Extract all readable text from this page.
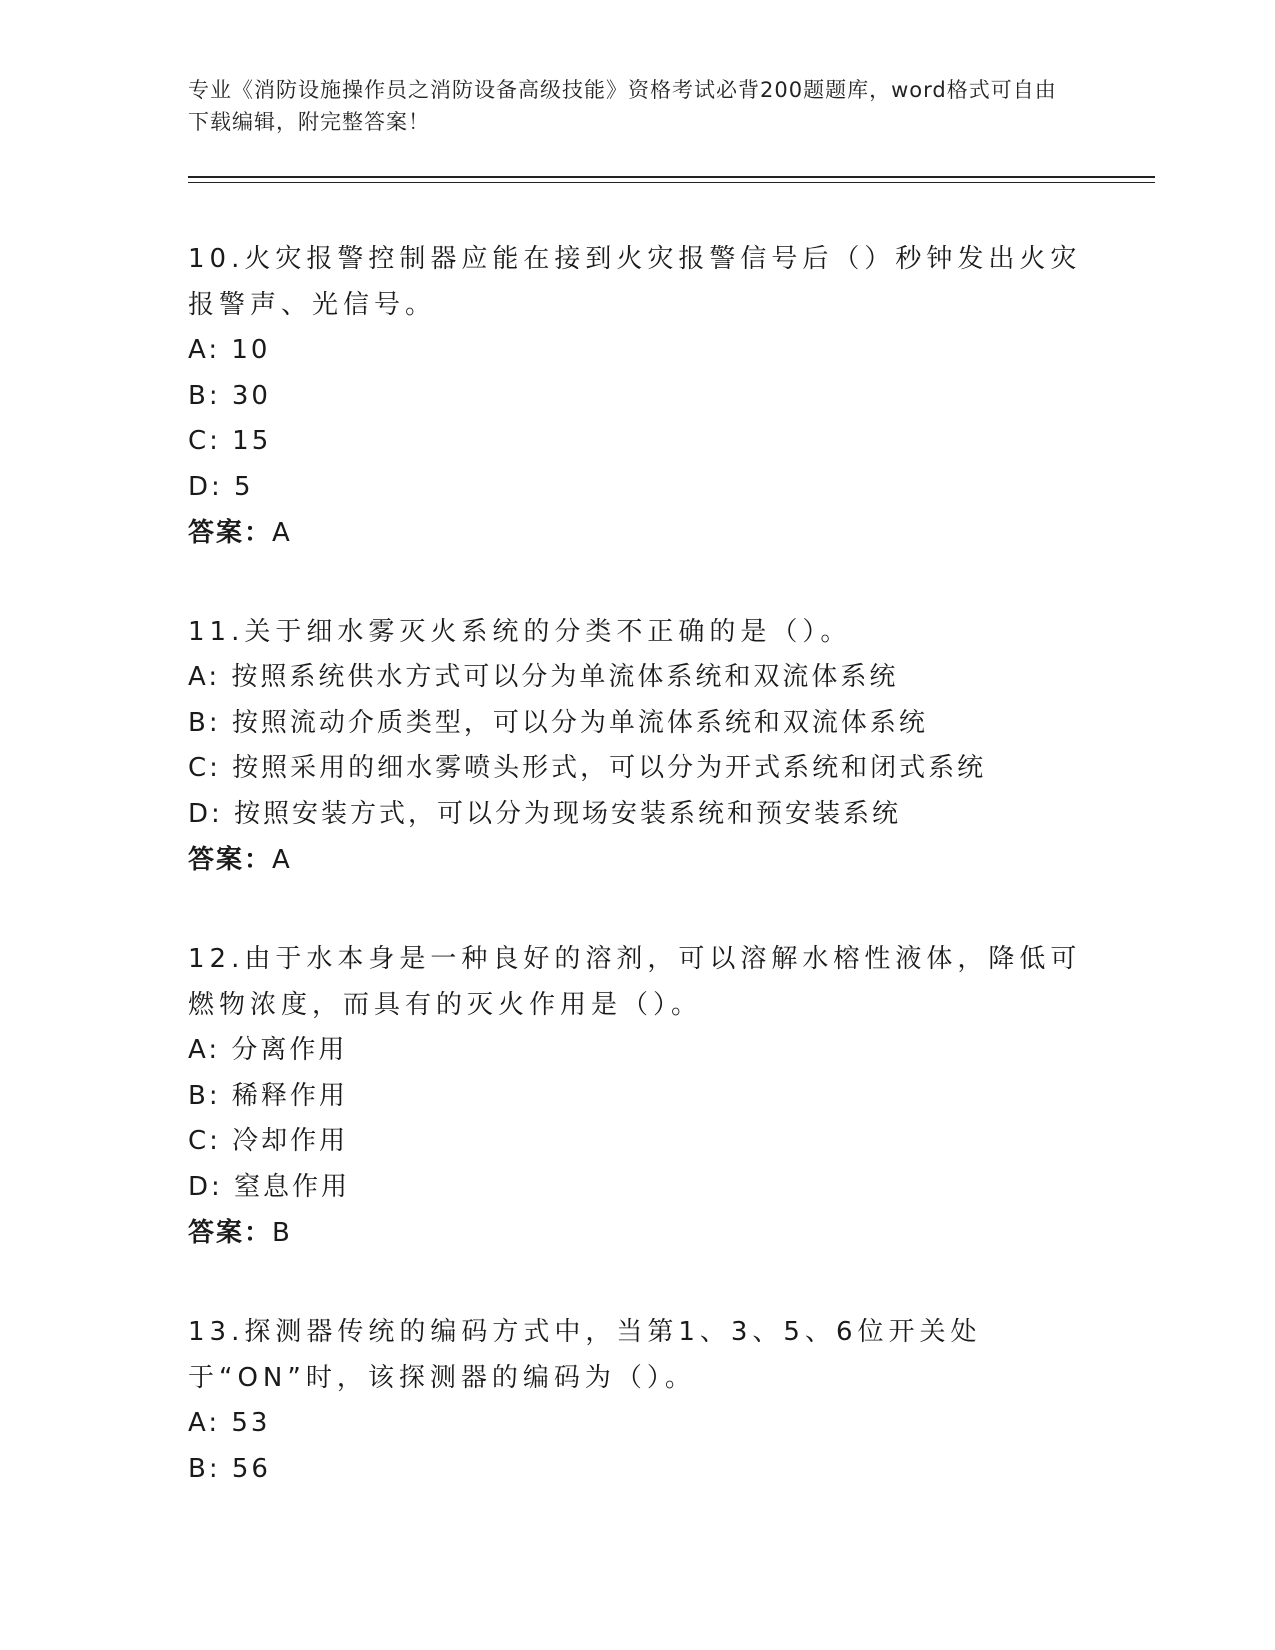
专业《消防设施操作员之消防设备高级技能》资格考试必背200题题库，word格式可自由下载编辑，附完整答案！

10.火灾报警控制器应能在接到火灾报警信号后（）秒钟发出火灾报警声、光信号。

A: 10

B: 30

C: 15

D: 5

答案：A

11.关于细水雾灭火系统的分类不正确的是（）。

A: 按照系统供水方式可以分为单流体系统和双流体系统

B: 按照流动介质类型，可以分为单流体系统和双流体系统

C: 按照采用的细水雾喷头形式，可以分为开式系统和闭式系统

D: 按照安装方式，可以分为现场安装系统和预安装系统

答案：A

12.由于水本身是一种良好的溶剂，可以溶解水榕性液体，降低可燃物浓度，而具有的灭火作用是（）。

A: 分离作用

B: 稀释作用

C: 冷却作用

D: 窒息作用

答案：B

13.探测器传统的编码方式中，当第1、3、5、6位开关处于“ON”时，该探测器的编码为（）。

A: 53

B: 56
